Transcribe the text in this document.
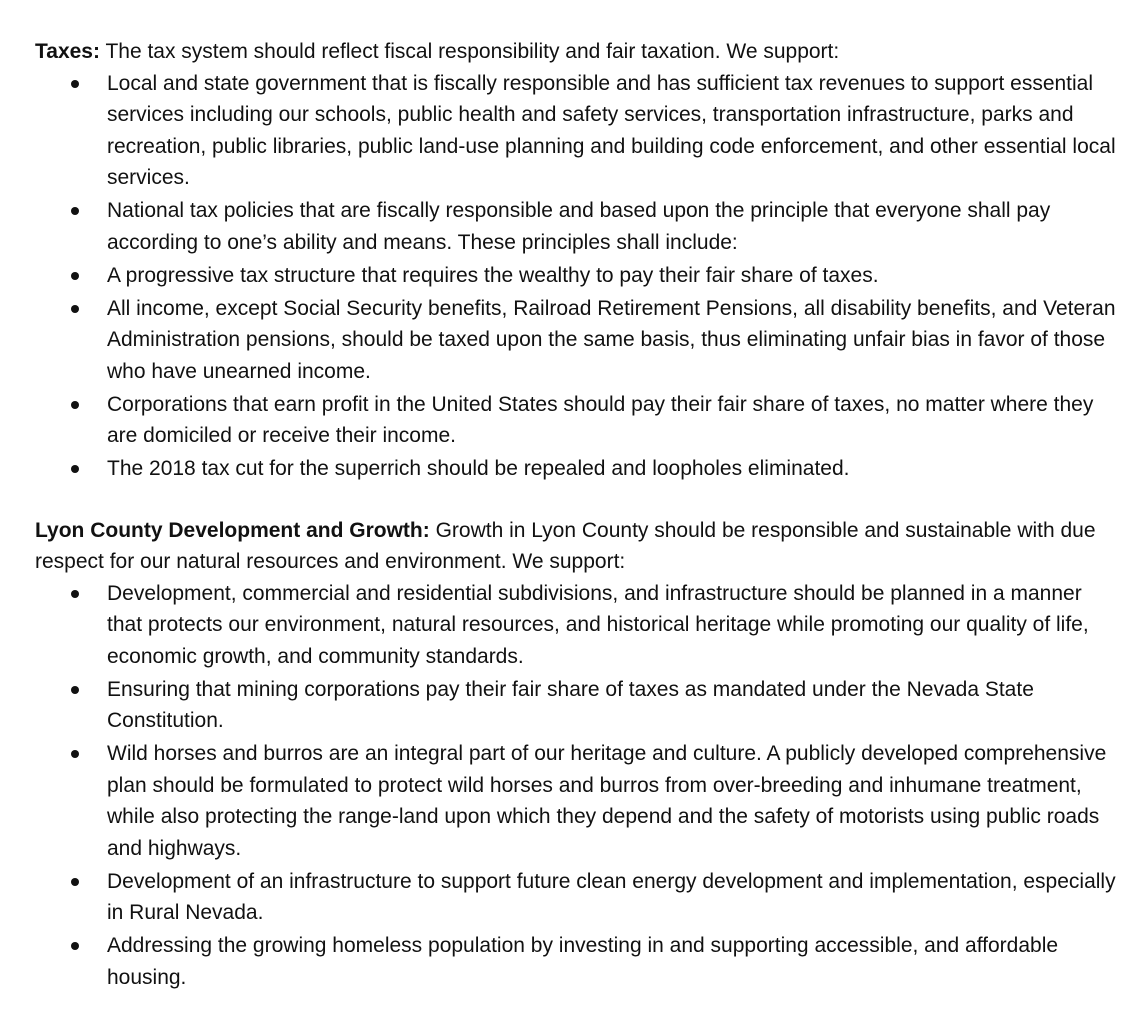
Taxes: The tax system should reflect fiscal responsibility and fair taxation. We support:

Local and state government that is fiscally responsible and has sufficient tax revenues to support essential services including our schools, public health and safety services, transportation infrastructure, parks and recreation, public libraries, public land-use planning and building code enforcement, and other essential local services.
National tax policies that are fiscally responsible and based upon the principle that everyone shall pay according to one’s ability and means. These principles shall include:
A progressive tax structure that requires the wealthy to pay their fair share of taxes.
All income, except Social Security benefits, Railroad Retirement Pensions, all disability benefits, and Veteran Administration pensions, should be taxed upon the same basis, thus eliminating unfair bias in favor of those who have unearned income.
Corporations that earn profit in the United States should pay their fair share of taxes, no matter where they are domiciled or receive their income.
The 2018 tax cut for the superrich should be repealed and loopholes eliminated.

Lyon County Development and Growth: Growth in Lyon County should be responsible and sustainable with due respect for our natural resources and environment. We support:

Development, commercial and residential subdivisions, and infrastructure should be planned in a manner that protects our environment, natural resources, and historical heritage while promoting our quality of life, economic growth, and community standards.
Ensuring that mining corporations pay their fair share of taxes as mandated under the Nevada State Constitution.
Wild horses and burros are an integral part of our heritage and culture. A publicly developed comprehensive plan should be formulated to protect wild horses and burros from over-breeding and inhumane treatment, while also protecting the range-land upon which they depend and the safety of motorists using public roads and highways.
Development of an infrastructure to support future clean energy development and implementation, especially in Rural Nevada.
Addressing the growing homeless population by investing in and supporting accessible, and affordable housing.
